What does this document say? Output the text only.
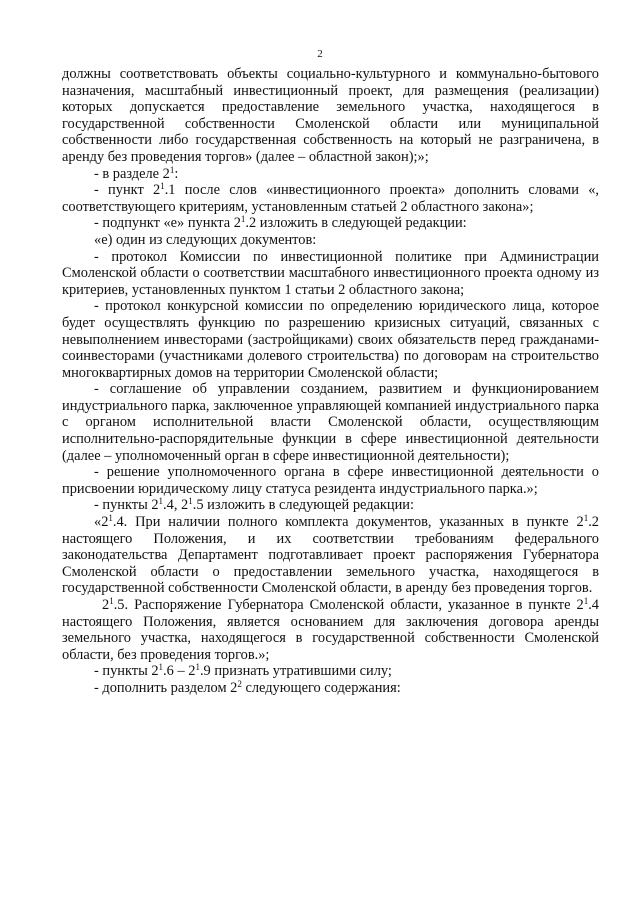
2

должны соответствовать объекты социально-культурного и коммунально-бытового назначения, масштабный инвестиционный проект, для размещения (реализации) которых допускается предоставление земельного участка, находящегося в государственной собственности Смоленской области или муниципальной собственности либо государственная собственность на который не разграничена, в аренду без проведения торгов» (далее – областной закон);»;

- в разделе $2^1$:

- пункт $2^1.1$ после слов «инвестиционного проекта» дополнить словами «, соответствующего критериям, установленным статьей 2 областного закона»;

- подпункт «е» пункта $2^1.2$ изложить в следующей редакции:

«е) один из следующих документов:

- протокол Комиссии по инвестиционной политике при Администрации Смоленской области о соответствии масштабного инвестиционного проекта одному из критериев, установленных пунктом 1 статьи 2 областного закона;

- протокол конкурсной комиссии по определению юридического лица, которое будет осуществлять функцию по разрешению кризисных ситуаций, связанных с невыполнением инвесторами (застройщиками) своих обязательств перед гражданами-соинвесторами (участниками долевого строительства) по договорам на строительство многоквартирных домов на территории Смоленской области;

- соглашение об управлении созданием, развитием и функционированием индустриального парка, заключенное управляющей компанией индустриального парка с органом исполнительной власти Смоленской области, осуществляющим исполнительно-распорядительные функции в сфере инвестиционной деятельности (далее – уполномоченный орган в сфере инвестиционной деятельности);

- решение уполномоченного органа в сфере инвестиционной деятельности о присвоении юридическому лицу статуса резидента индустриального парка.»;

- пункты $2^1.4$, $2^1.5$ изложить в следующей редакции:

«$2^1.4$. При наличии полного комплекта документов, указанных в пункте $2^1.2$ настоящего Положения, и их соответствии требованиям федерального законодательства Департамент подготавливает проект распоряжения Губернатора Смоленской области о предоставлении земельного участка, находящегося в государственной собственности Смоленской области, в аренду без проведения торгов.

$2^1.5$. Распоряжение Губернатора Смоленской области, указанное в пункте $2^1.4$ настоящего Положения, является основанием для заключения договора аренды земельного участка, находящегося в государственной собственности Смоленской области, без проведения торгов.»;

- пункты $2^1.6 - 2^1.9$ признать утратившими силу;

- дополнить разделом $2^2$ следующего содержания:
